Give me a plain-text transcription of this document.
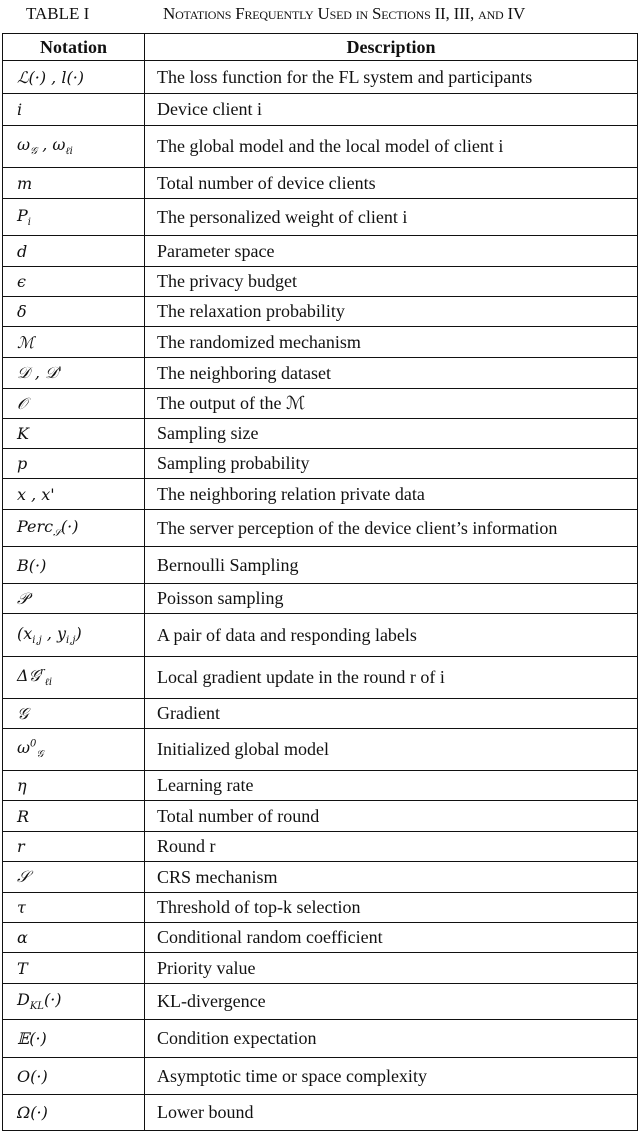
TABLE I	Notations Frequently Used in Sections II, III, and IV
Notation	Description
ℒ(·) , l(·)	The loss function for the FL system and participants
i	Device client i
$\omega_𝒢$ , $\omega_{\ell i}$	The global model and the local model of client i
m	Total number of device clients
$P_i$	The personalized weight of client i
d	Parameter space
ϵ	The privacy budget
δ	The relaxation probability
ℳ	The randomized mechanism
𝒟 , 𝒟'	The neighboring dataset
𝒪	The output of the ℳ
K	Sampling size
p	Sampling probability
x , x'	The neighboring relation private data
Perc$_𝒮$(·)	The server perception of the device client’s information
B(·)	Bernoulli Sampling
𝒫	Poisson sampling
($x_{i,j}$ , $y_{i,j}$)	A pair of data and responding labels
Δ𝒢$^r_{\ell i}$	Local gradient update in the round r of i
𝒢	Gradient
$\omega^0_𝒢$	Initialized global model
η	Learning rate
R	Total number of round
r	Round r
𝒮	CRS mechanism
τ	Threshold of top-k selection
α	Conditional random coefficient
T	Priority value
$D_{KL}(\cdot)$	KL-divergence
𝔼(·)	Condition expectation
O(·)	Asymptotic time or space complexity
Ω(·)	Lower bound
